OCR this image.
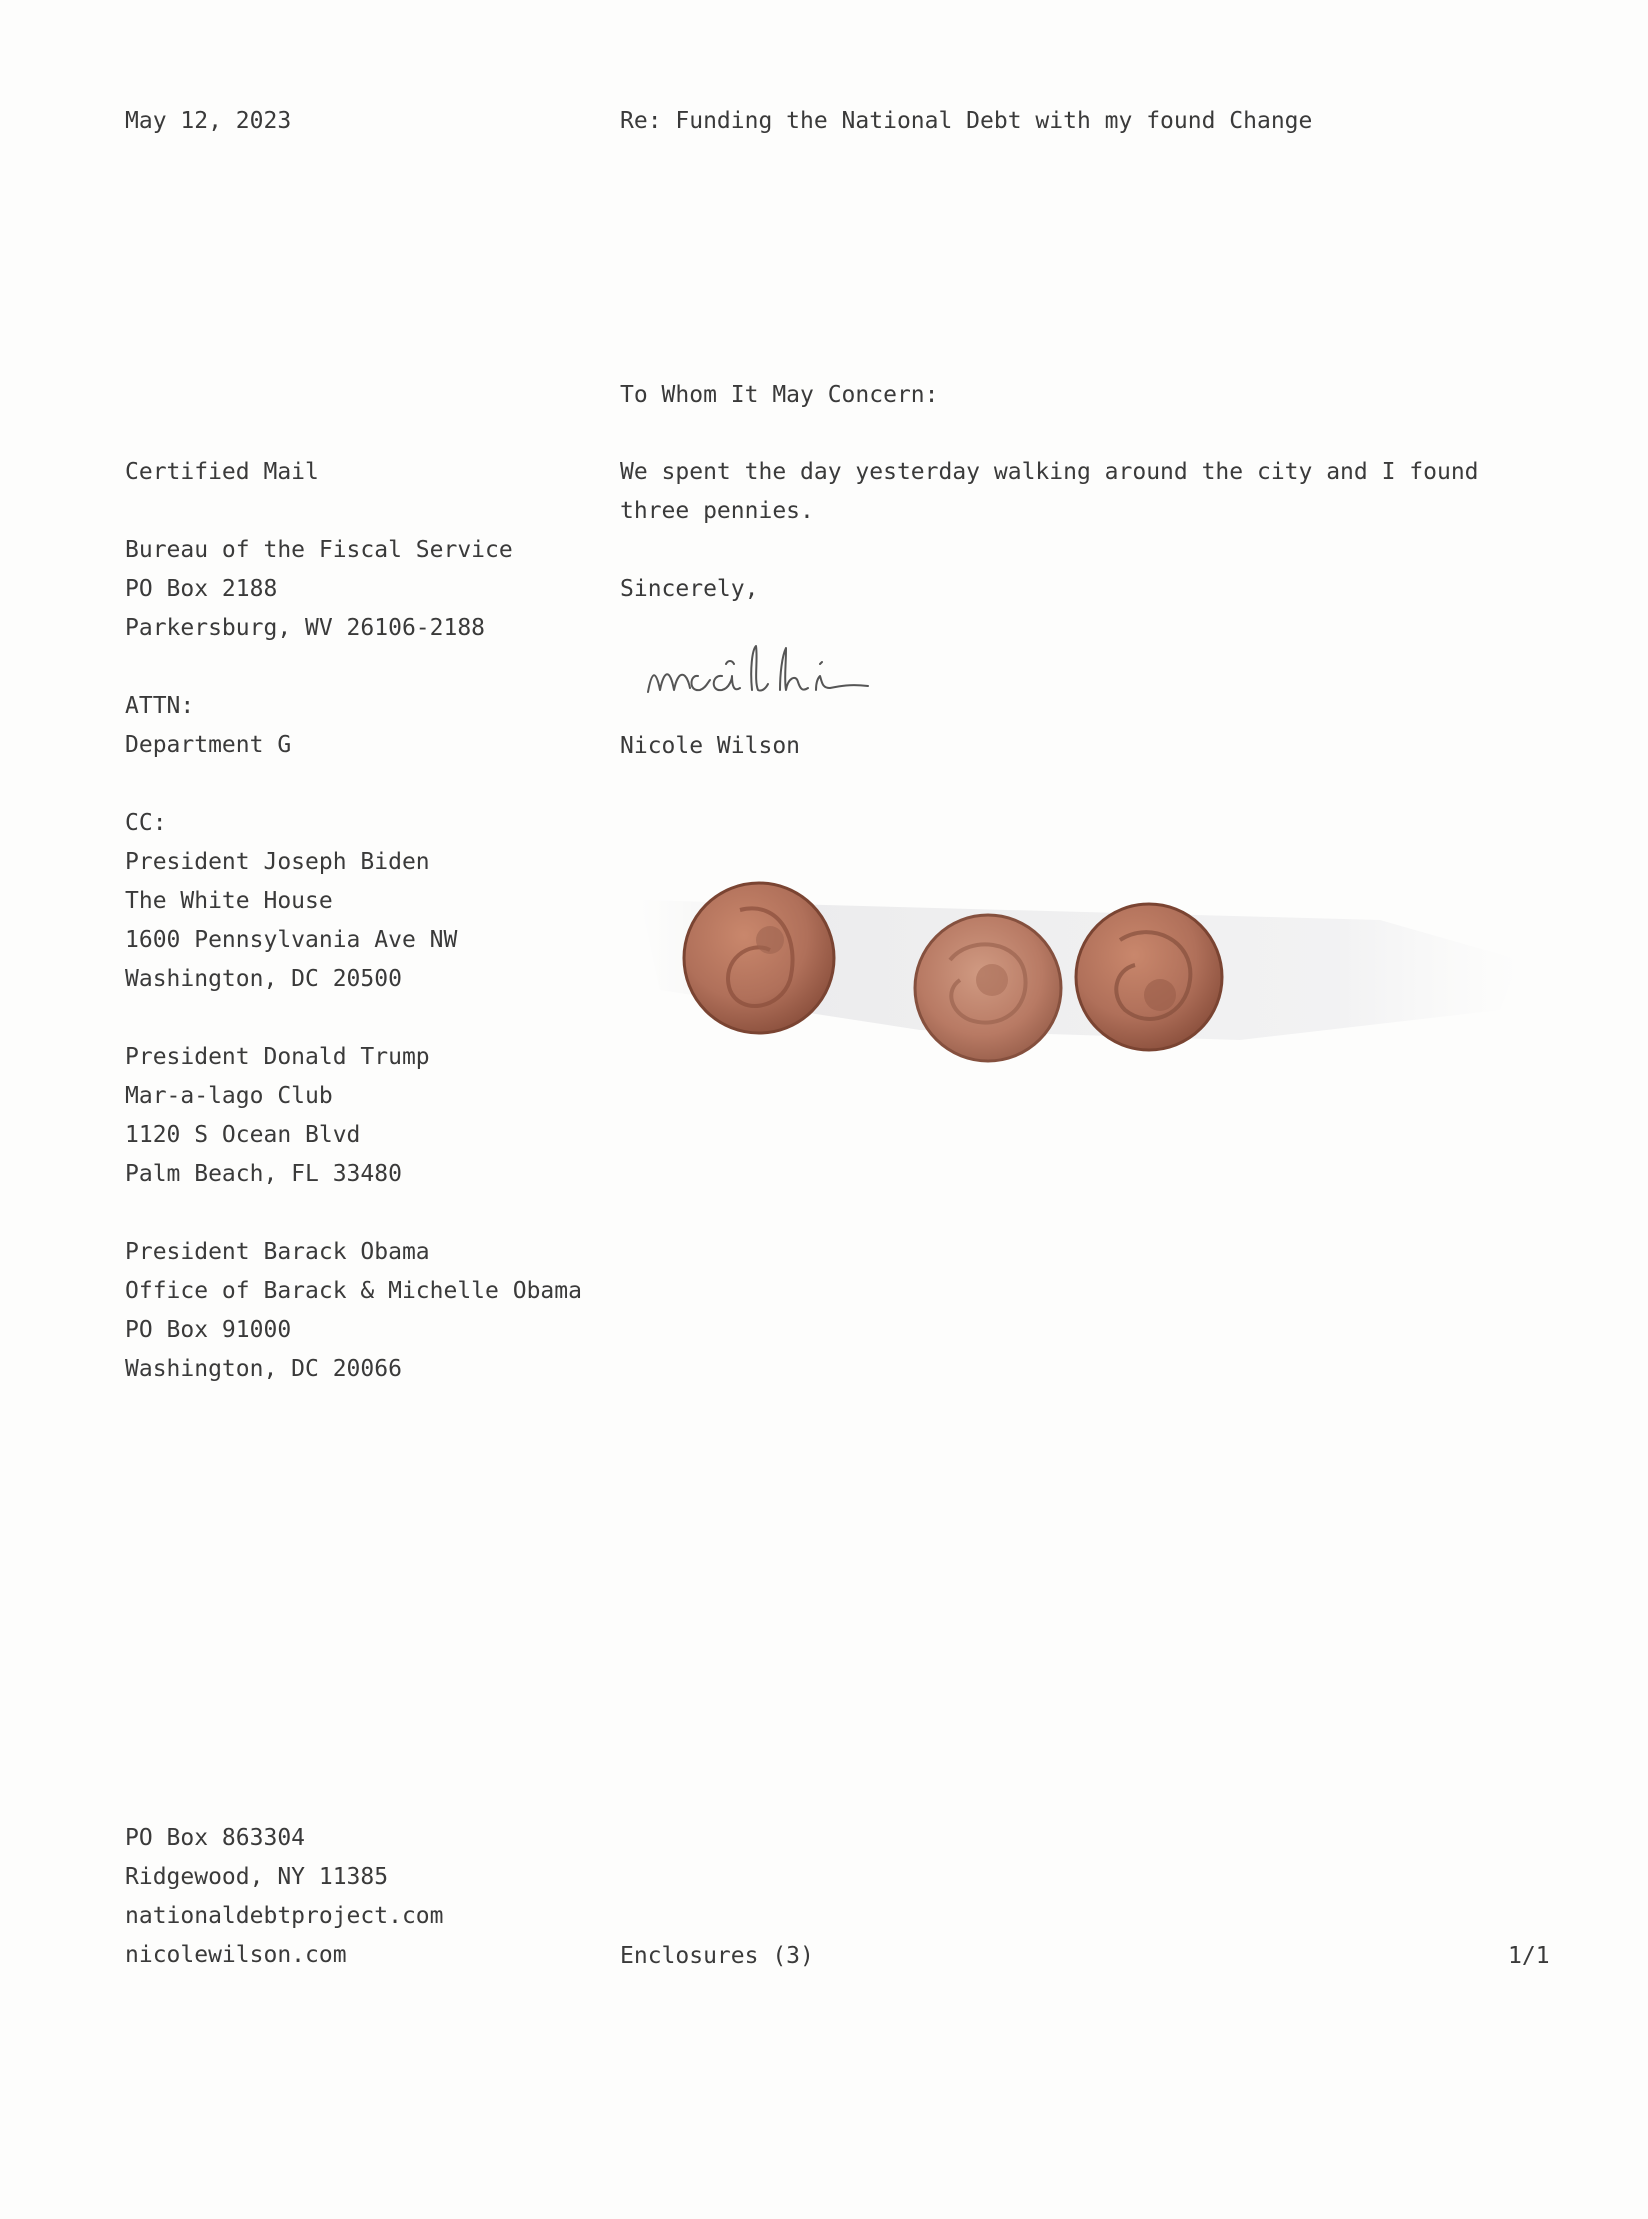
May 12, 2023	Re: Funding the National Debt with my found Change
To Whom It May Concern:
Certified Mail
Bureau of the Fiscal Service
PO Box 2188
Parkersburg, WV 26106-2188
ATTN:
Department G
CC:
President Joseph Biden
The White House
1600 Pennsylvania Ave NW
Washington, DC 20500
President Donald Trump
Mar-a-lago Club
1120 S Ocean Blvd
Palm Beach, FL 33480
President Barack Obama
Office of Barack & Michelle Obama
PO Box 91000
Washington, DC 20066
We spent the day yesterday walking around the city and I found
three pennies.
Sincerely,
Nicole Wilson
PO Box 863304
Ridgewood, NY 11385
nationaldebtproject.com
nicolewilson.com	Enclosures (3)	1/1
